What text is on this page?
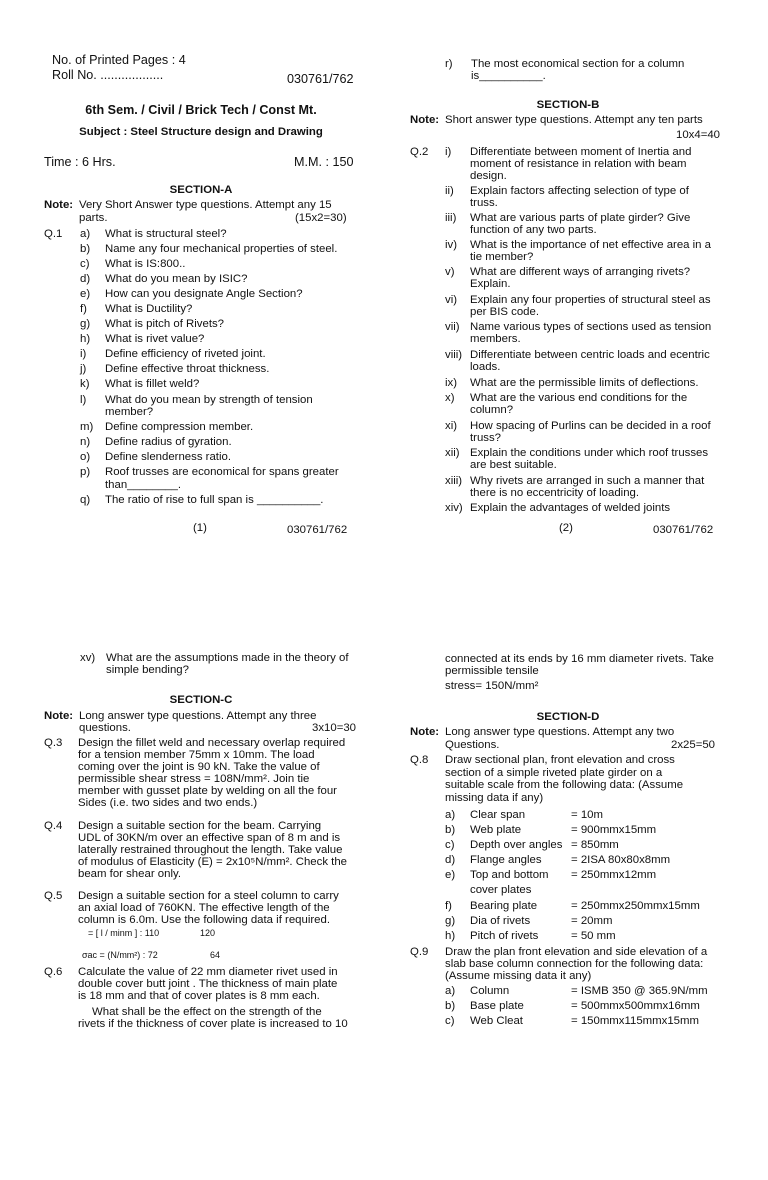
No. of Printed Pages : 4
Roll No. ..................	030761/762
6th Sem. / Civil / Brick Tech / Const Mt.
Subject : Steel Structure design and Drawing
Time : 6 Hrs.	M.M. : 150
SECTION-A
Note: Very Short Answer type questions. Attempt any 15
parts.	(15x2=30)
Q.1 a) What is structural steel?
b) Name any four mechanical properties of steel.
c) What is IS:800..
d) What do you mean by ISIC?
e) How can you designate Angle Section?
f) What is Ductility?
g) What is pitch of Rivets?
h) What is rivet value?
i) Define efficiency of riveted joint.
j) Define effective throat thickness.
k) What is fillet weld?
l) What do you mean by strength of tension
member?
m) Define compression member.
n) Define radius of gyration.
o) Define slenderness ratio.
p) Roof trusses are economical for spans greater
than________.
q) The ratio of rise to full span is __________.
(1)	030761/762
r) The most economical section for a column
is__________.
SECTION-B
Note: Short answer type questions. Attempt any ten parts
10x4=40
Q.2 i) Differentiate between moment of Inertia and
moment of resistance in relation with beam
design.
ii) Explain factors affecting selection of type of
truss.
iii) What are various parts of plate girder? Give
function of any two parts.
iv) What is the importance of net effective area in a
tie member?
v) What are different ways of arranging rivets?
Explain.
vi) Explain any four properties of structural steel as
per BIS code.
vii) Name various types of sections used as tension
members.
viii) Differentiate between centric loads and ecentric
loads.
ix) What are the permissible limits of deflections.
x) What are the various end conditions for the
column?
xi) How spacing of Purlins can be decided in a roof
truss?
xii) Explain the conditions under which roof trusses
are best suitable.
xiii) Why rivets are arranged in such a manner that
there is no eccentricity of loading.
xiv) Explain the advantages of welded joints
(2)	030761/762
xv) What are the assumptions made in the theory of
simple bending?
SECTION-C
Note: Long answer type questions. Attempt any three
questions.	3x10=30
Q.3 Design the fillet weld and necessary overlap required
for a tension member 75mm x 10mm. The load
coming over the joint is 90 kN. Take the value of
permissible shear stress = 108N/mm². Join tie
member with gusset plate by welding on all the four
Sides (i.e. two sides and two ends.)
Q.4 Design a suitable section for the beam. Carrying
UDL of 30KN/m over an effective span of 8 m and is
laterally restrained throughout the length. Take value
of modulus of Elasticity (E) = 2x10⁵N/mm². Check the
beam for shear only.
Q.5 Design a suitable section for a steel column to carry
an axial load of 760KN. The effective length of the
column is 6.0m. Use the following data if required.
= [ l / minm ] : 110	120
σac = (N/mm²) : 72	64
Q.6 Calculate the value of 22 mm diameter rivet used in
double cover butt joint . The thickness of main plate
is 18 mm and that of cover plates is 8 mm each.
What shall be the effect on the strength of the
rivets if the thickness of cover plate is increased to 10
connected at its ends by 16 mm diameter rivets. Take
permissible tensile
stress= 150N/mm²
SECTION-D
Note: Long answer type questions. Attempt any two
Questions.	2x25=50
Q.8 Draw sectional plan, front elevation and cross
section of a simple riveted plate girder on a
suitable scale from the following data: (Assume
missing data if any)
a) Clear span	= 10m
b) Web plate	= 900mmx15mm
c) Depth over angles = 850mm
d) Flange angles	= 2ISA 80x80x8mm
e) Top and bottom = 250mmx12mm
cover plates
f) Bearing plate	= 250mmx250mmx15mm
g) Dia of rivets	= 20mm
h) Pitch of rivets	= 50 mm
Q.9 Draw the plan front elevation and side elevation of a
slab base column connection for the following data:
(Assume missing data it any)
a) Column	= ISMB 350 @ 365.9N/mm
b) Base plate	= 500mmx500mmx16mm
c) Web Cleat	= 150mmx115mmx15mm
